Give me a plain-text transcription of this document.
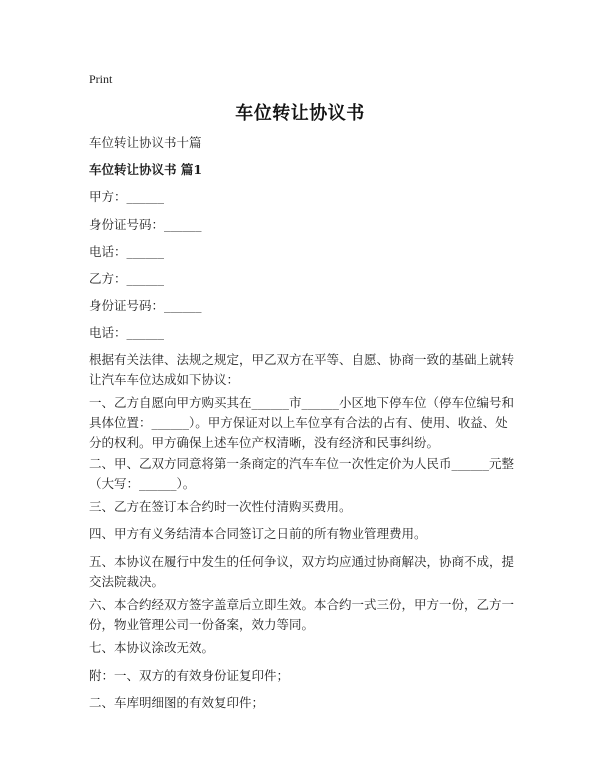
Print
车位转让协议书
车位转让协议书十篇
车位转让协议书 篇1
甲方：______
身份证号码：______
电话：______
乙方：______
身份证号码：______
电话：______
根据有关法律、法规之规定，甲乙双方在平等、自愿、协商一致的基础上就转让汽车车位达成如下协议：
一、乙方自愿向甲方购买其在______市______小区地下停车位（停车位编号和具体位置：______）。甲方保证对以上车位享有合法的占有、使用、收益、处分的权利。甲方确保上述车位产权清晰，没有经济和民事纠纷。
二、甲、乙双方同意将第一条商定的汽车车位一次性定价为人民币______元整（大写：______）。
三、乙方在签订本合约时一次性付清购买费用。
四、甲方有义务结清本合同签订之日前的所有物业管理费用。
五、本协议在履行中发生的任何争议，双方均应通过协商解决，协商不成，提交法院裁决。
六、本合约经双方签字盖章后立即生效。本合约一式三份，甲方一份，乙方一份，物业管理公司一份备案，效力等同。
七、本协议涂改无效。
附：一、双方的有效身份证复印件；
二、车库明细图的有效复印件；
